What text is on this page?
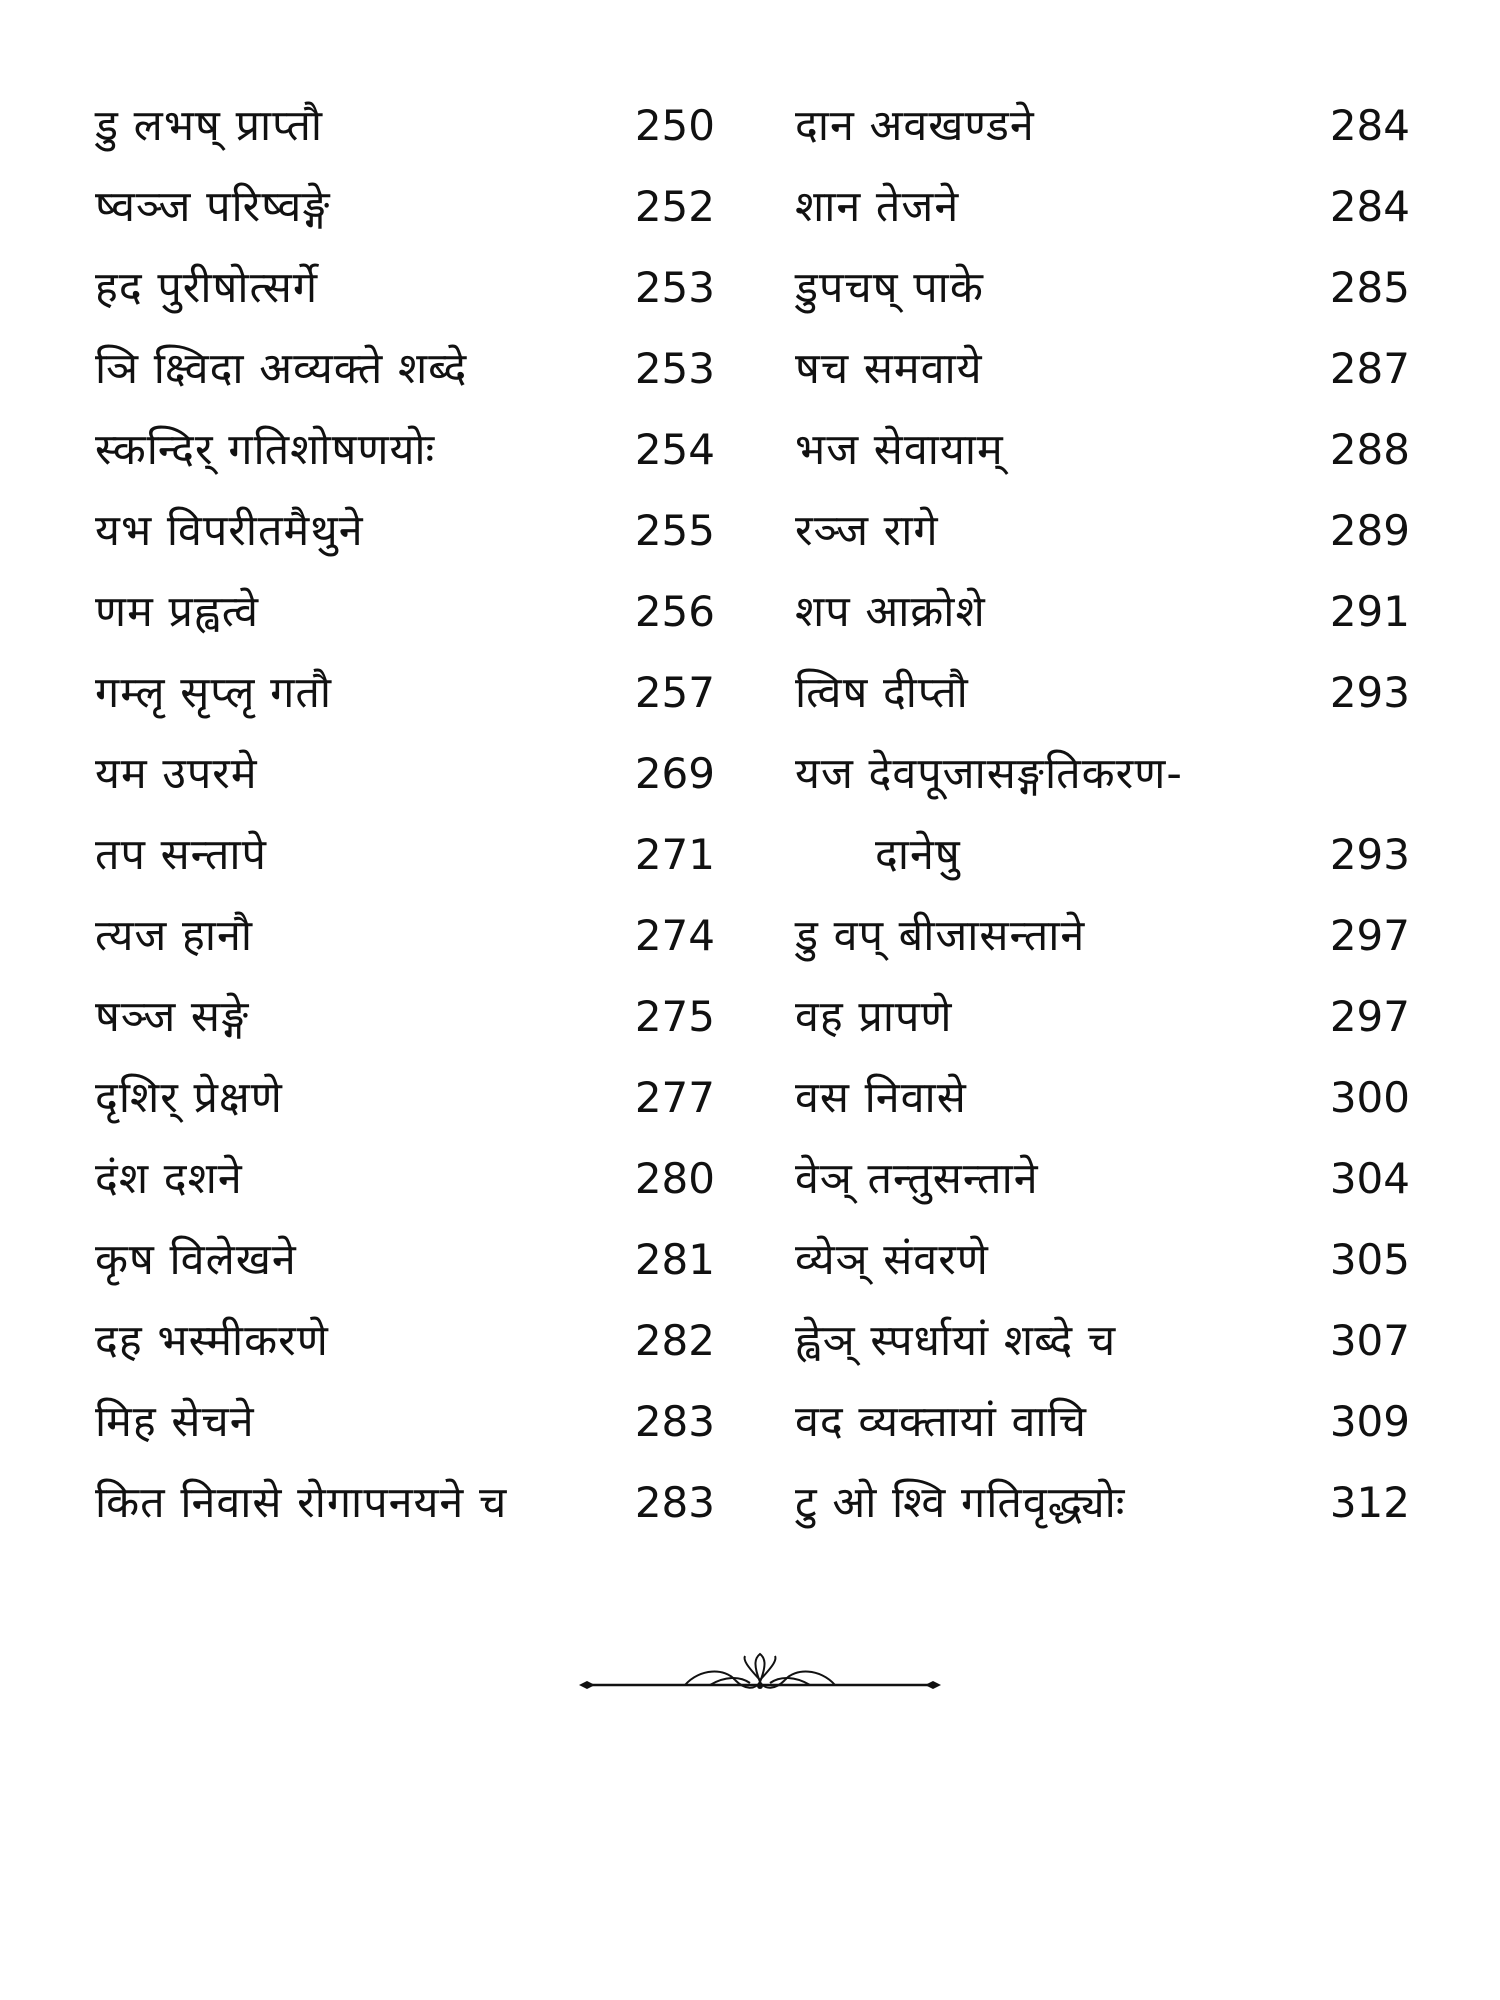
डु लभष् प्राप्तौ	250
ष्वञ्ज परिष्वङ्गे	252
हद पुरीषोत्सर्गे	253
ञि क्ष्विदा अव्यक्ते शब्दे	253
स्कन्दिर् गतिशोषणयोः	254
यभ विपरीतमैथुने	255
णम प्रह्वत्वे	256
गम्लृ सृप्लृ गतौ	257
यम उपरमे	269
तप सन्तापे	271
त्यज हानौ	274
षञ्ज सङ्गे	275
दृशिर् प्रेक्षणे	277
दंश दशने	280
कृष विलेखने	281
दह भस्मीकरणे	282
मिह सेचने	283
कित निवासे रोगापनयने च	283
दान अवखण्डने	284
शान तेजने	284
डुपचष् पाके	285
षच समवाये	287
भज सेवायाम्	288
रञ्ज रागे	289
शप आक्रोशे	291
त्विष दीप्तौ	293
यज देवपूजासङ्गतिकरण-
दानेषु	293
डु वप् बीजासन्ताने	297
वह प्रापणे	297
वस निवासे	300
वेञ् तन्तुसन्ताने	304
व्येञ् संवरणे	305
ह्वेञ् स्पर्धायां शब्दे च	307
वद व्यक्तायां वाचि	309
टु ओ श्वि गतिवृद्ध्योः	312
